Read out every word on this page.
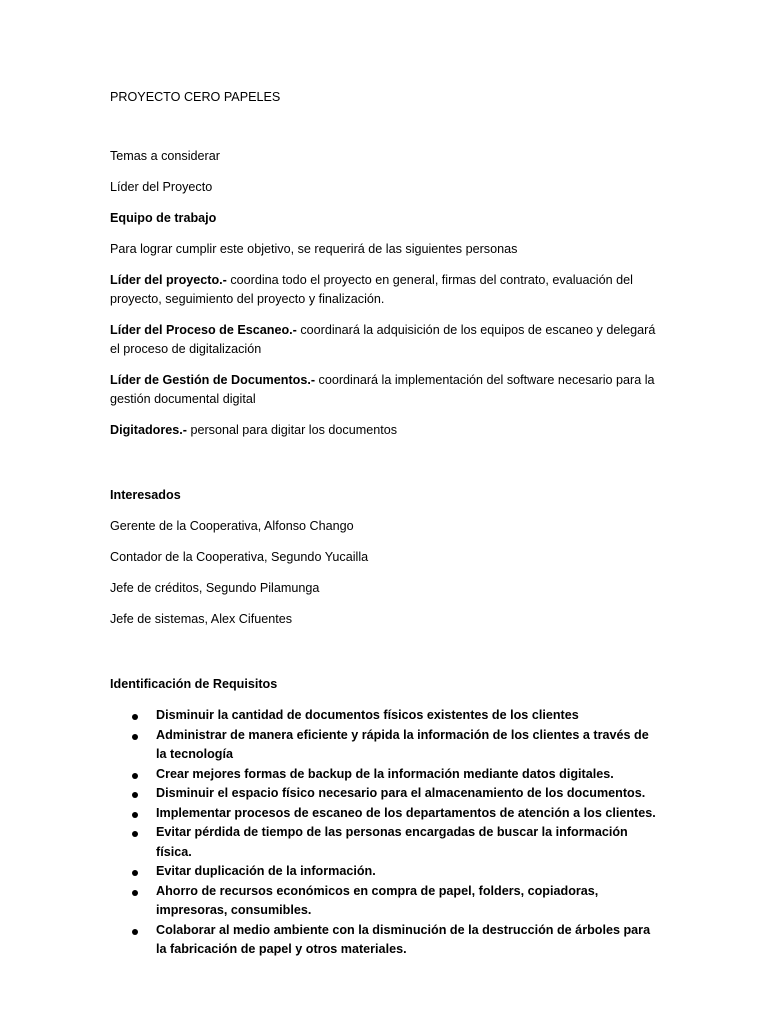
PROYECTO CERO PAPELES

Temas a considerar

Líder del Proyecto

Equipo de trabajo

Para lograr cumplir este objetivo, se requerirá de las siguientes personas

Líder del proyecto.- coordina todo el proyecto en general, firmas del contrato, evaluación del proyecto, seguimiento del proyecto y finalización.

Líder del Proceso de Escaneo.- coordinará la adquisición de los equipos de escaneo y delegará el proceso de digitalización

Líder de Gestión de Documentos.- coordinará la implementación del software necesario para la gestión documental digital

Digitadores.- personal para digitar los documentos

Interesados

Gerente de la Cooperativa, Alfonso Chango

Contador de la Cooperativa, Segundo Yucailla

Jefe de créditos, Segundo Pilamunga

Jefe de sistemas, Alex Cifuentes

Identificación de Requisitos

Disminuir la cantidad de documentos físicos existentes de los clientes
Administrar de manera eficiente y rápida la información de los clientes a través de la tecnología
Crear mejores formas de backup de la información mediante datos digitales.
Disminuir el espacio físico necesario para el almacenamiento de los documentos.
Implementar procesos de escaneo de los departamentos de atención a los clientes.
Evitar pérdida de tiempo de las personas encargadas de buscar la información física.
Evitar duplicación de la información.
Ahorro de recursos económicos en compra de papel, folders, copiadoras, impresoras, consumibles.
Colaborar al medio ambiente con la disminución de la destrucción de árboles para la fabricación de papel y otros materiales.
